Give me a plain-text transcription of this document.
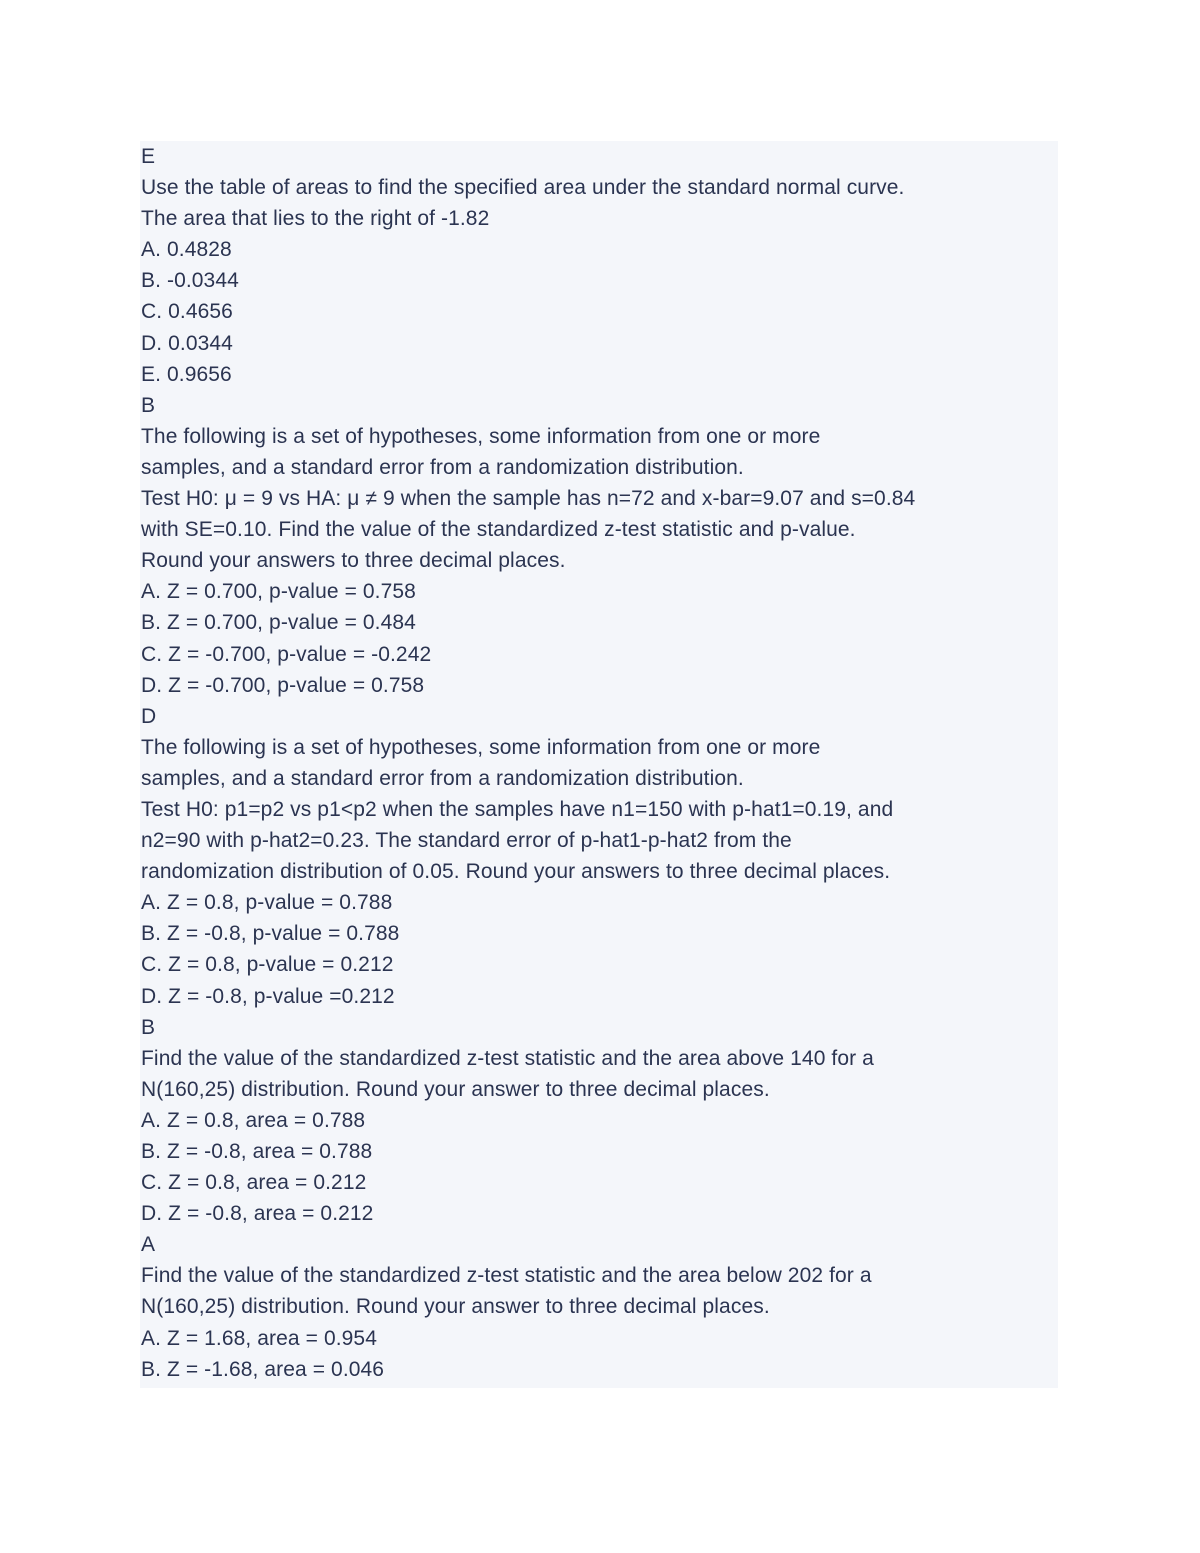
E
Use the table of areas to find the specified area under the standard normal curve.
The area that lies to the right of -1.82
A. 0.4828
B. -0.0344
C. 0.4656
D. 0.0344
E. 0.9656
B
The following is a set of hypotheses, some information from one or more
samples, and a standard error from a randomization distribution.
Test H0: μ = 9 vs HA: μ ≠ 9 when the sample has n=72 and x-bar=9.07 and s=0.84
with SE=0.10. Find the value of the standardized z-test statistic and p-value.
Round your answers to three decimal places.
A. Z = 0.700, p-value = 0.758
B. Z = 0.700, p-value = 0.484
C. Z = -0.700, p-value = -0.242
D. Z = -0.700, p-value = 0.758
D
The following is a set of hypotheses, some information from one or more
samples, and a standard error from a randomization distribution.
Test H0: p1=p2 vs p1<p2 when the samples have n1=150 with p-hat1=0.19, and
n2=90 with p-hat2=0.23. The standard error of p-hat1-p-hat2 from the
randomization distribution of 0.05. Round your answers to three decimal places.
A. Z = 0.8, p-value = 0.788
B. Z = -0.8, p-value = 0.788
C. Z = 0.8, p-value = 0.212
D. Z = -0.8, p-value =0.212
B
Find the value of the standardized z-test statistic and the area above 140 for a
N(160,25) distribution. Round your answer to three decimal places.
A. Z = 0.8, area = 0.788
B. Z = -0.8, area = 0.788
C. Z = 0.8, area = 0.212
D. Z = -0.8, area = 0.212
A
Find the value of the standardized z-test statistic and the area below 202 for a
N(160,25) distribution. Round your answer to three decimal places.
A. Z = 1.68, area = 0.954
B. Z = -1.68, area = 0.046
